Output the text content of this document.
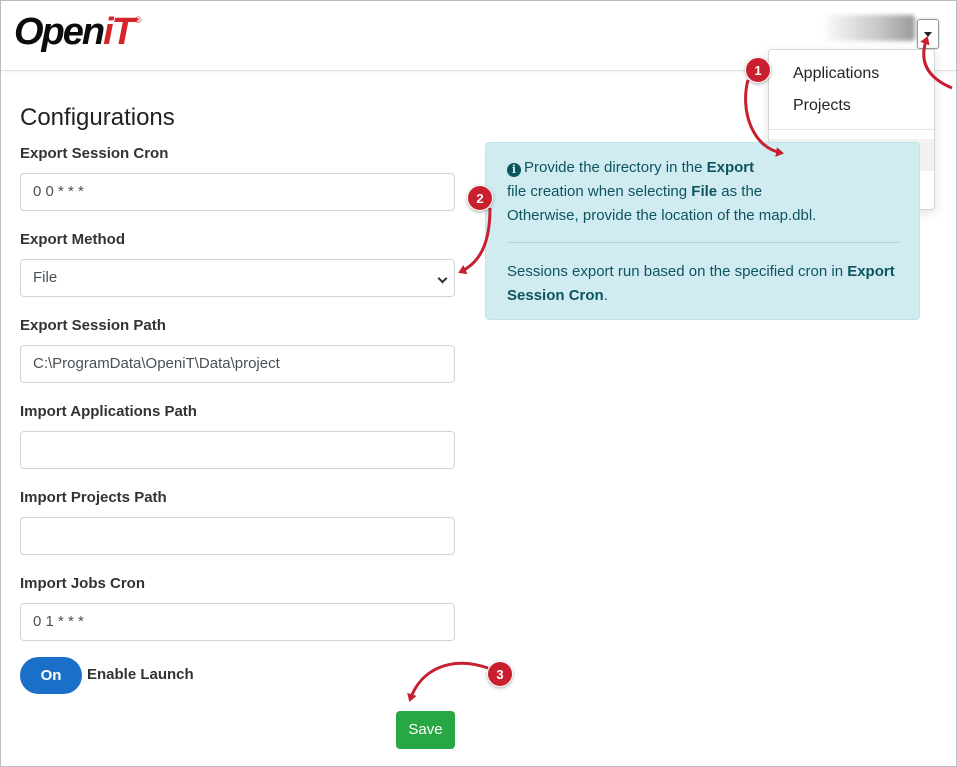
Open iT ®
Applications
Projects
Configurations
Export Session Cron
0 0 * * *
Export Method
File
Export Session Path
C:\ProgramData\OpeniT\Data\project
Import Applications Path
Import Projects Path
Import Jobs Cron
0 1 * * *
On	Enable Launch
Save
i Provide the directory in the Export
file creation when selecting File as the
Otherwise, provide the location of the map.dbl.
Sessions export run based on the specified cron in Export Session Cron.
1
2
3
